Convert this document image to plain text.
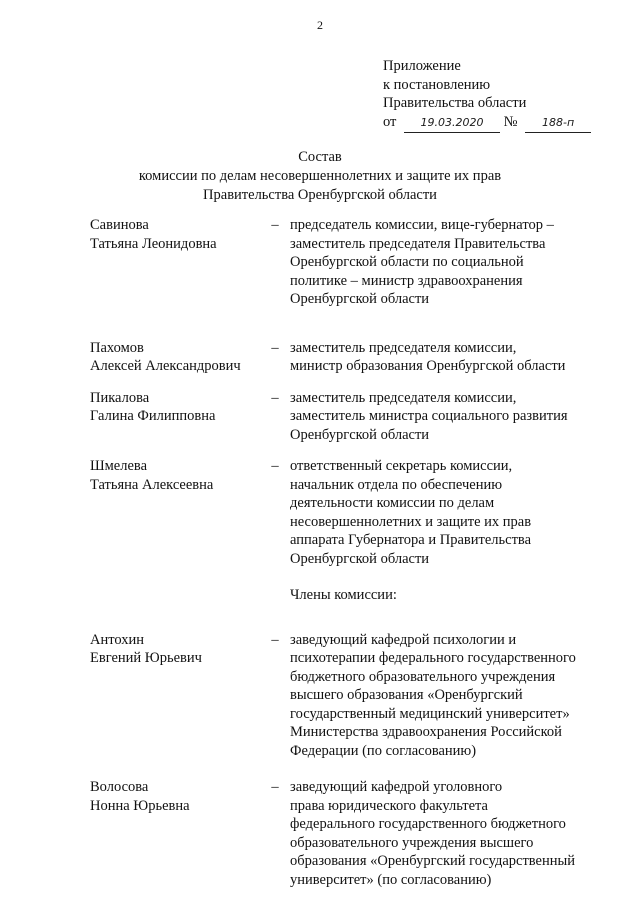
2
Приложение
к постановлению
Правительства области
от 19.03.2020 № 188-п
Состав
комиссии по делам несовершеннолетних и защите их прав
Правительства Оренбургской области
Савинова
Татьяна Леонидовна
– председатель комиссии, вице-губернатор –
заместитель председателя Правительства
Оренбургской области по социальной
политике – министр здравоохранения
Оренбургской области
Пахомов
Алексей Александрович
– заместитель председателя комиссии,
министр образования Оренбургской области
Пикалова
Галина Филипповна
– заместитель председателя комиссии,
заместитель министра социального развития
Оренбургской области
Шмелева
Татьяна Алексеевна
– ответственный секретарь комиссии,
начальник отдела по обеспечению
деятельности комиссии по делам
несовершеннолетних и защите их прав
аппарата Губернатора и Правительства
Оренбургской области
Члены комиссии:
Антохин
Евгений Юрьевич
– заведующий кафедрой психологии и
психотерапии федерального государственного
бюджетного образовательного учреждения
высшего образования «Оренбургский
государственный медицинский университет»
Министерства здравоохранения Российской
Федерации (по согласованию)
Волосова
Нонна Юрьевна
– заведующий кафедрой уголовного
права юридического факультета
федерального государственного бюджетного
образовательного учреждения высшего
образования «Оренбургский государственный
университет» (по согласованию)
